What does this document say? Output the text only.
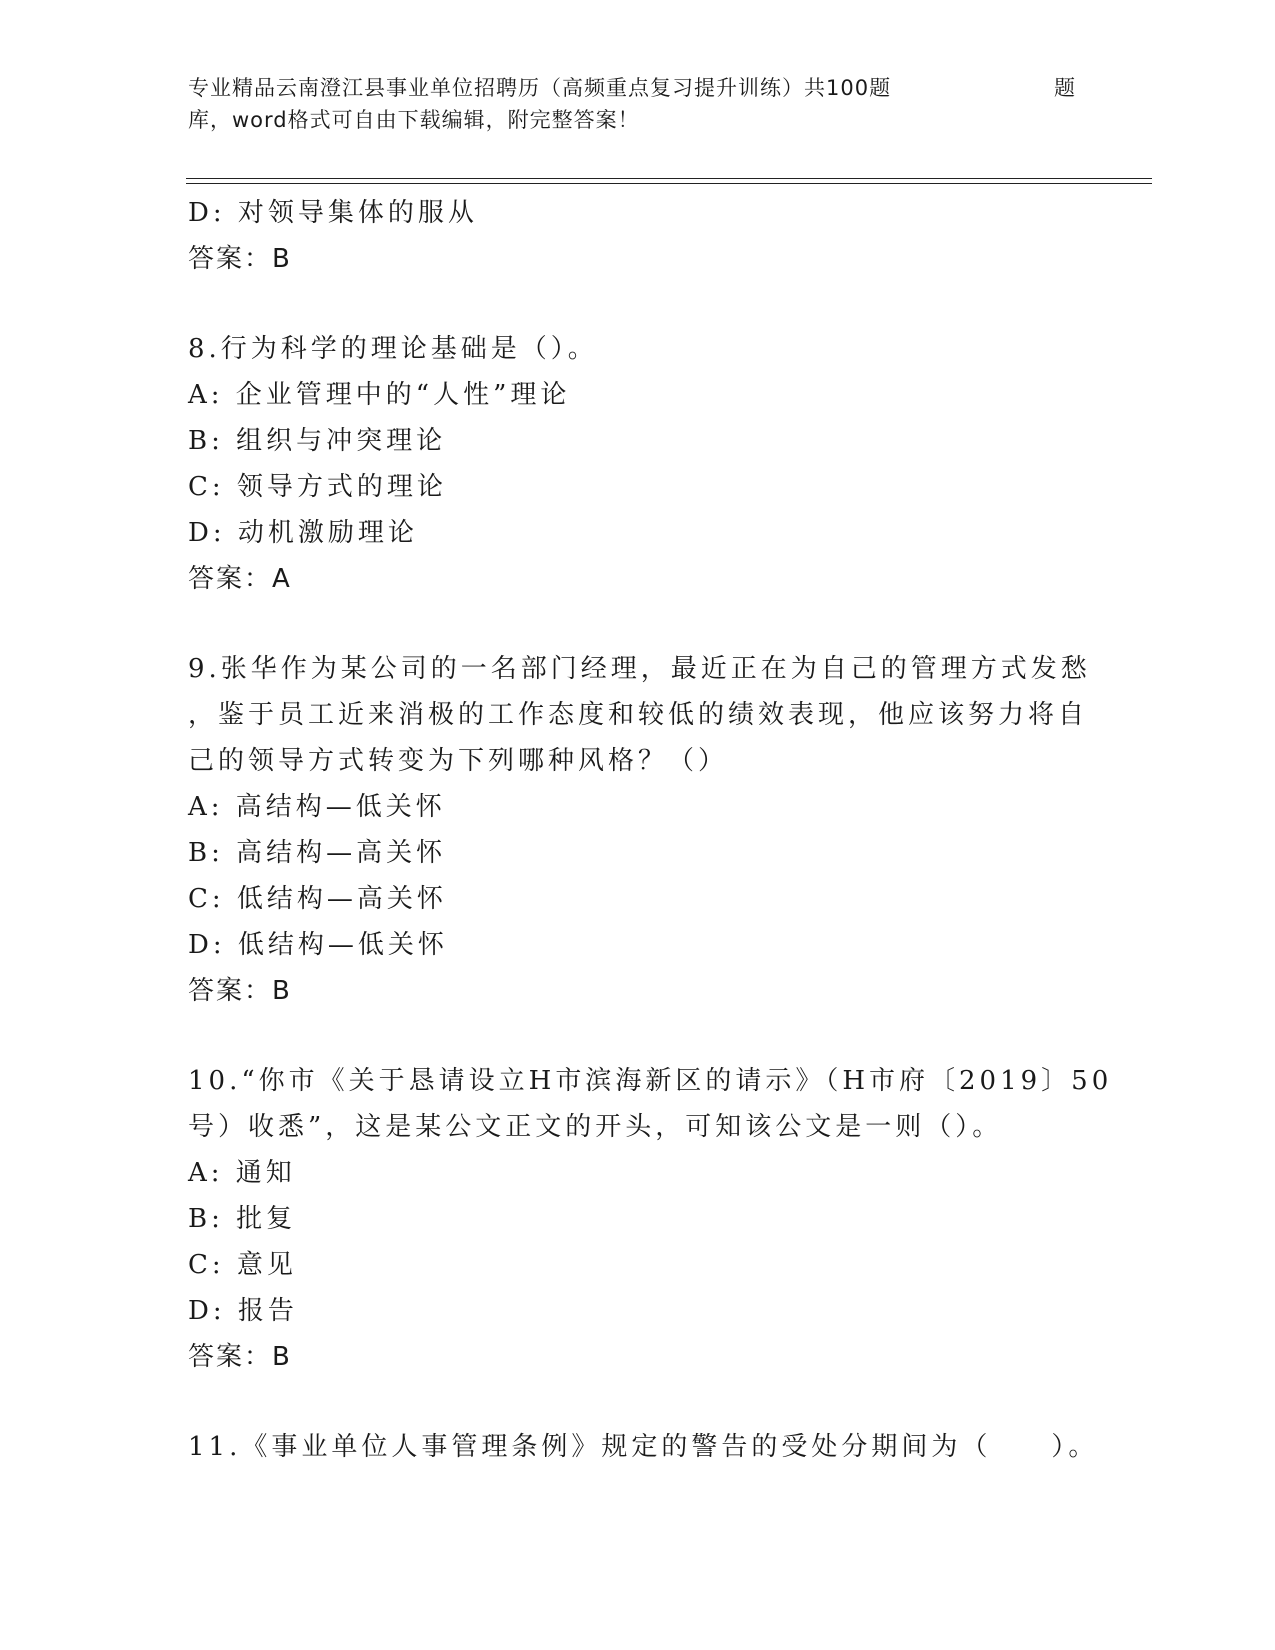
专业精品云南澄江县事业单位招聘历（高频重点复习提升训练）共100题	题
库，word格式可自由下载编辑，附完整答案！
D: 对领导集体的服从
答案：B
8.行为科学的理论基础是（）。
A: 企业管理中的“人性”理论
B: 组织与冲突理论
C: 领导方式的理论
D: 动机激励理论
答案：A
9.张华作为某公司的一名部门经理，最近正在为自己的管理方式发愁
，鉴于员工近来消极的工作态度和较低的绩效表现，他应该努力将自
己的领导方式转变为下列哪种风格？（）
A: 高结构—低关怀
B: 高结构—高关怀
C: 低结构—高关怀
D: 低结构—低关怀
答案：B
10.“你市《关于恳请设立H市滨海新区的请示》（H市府〔2019〕50
号）收悉”，这是某公文正文的开头，可知该公文是一则（）。
A: 通知
B: 批复
C: 意见
D: 报告
答案：B
11.《事业单位人事管理条例》规定的警告的受处分期间为（　　）。
